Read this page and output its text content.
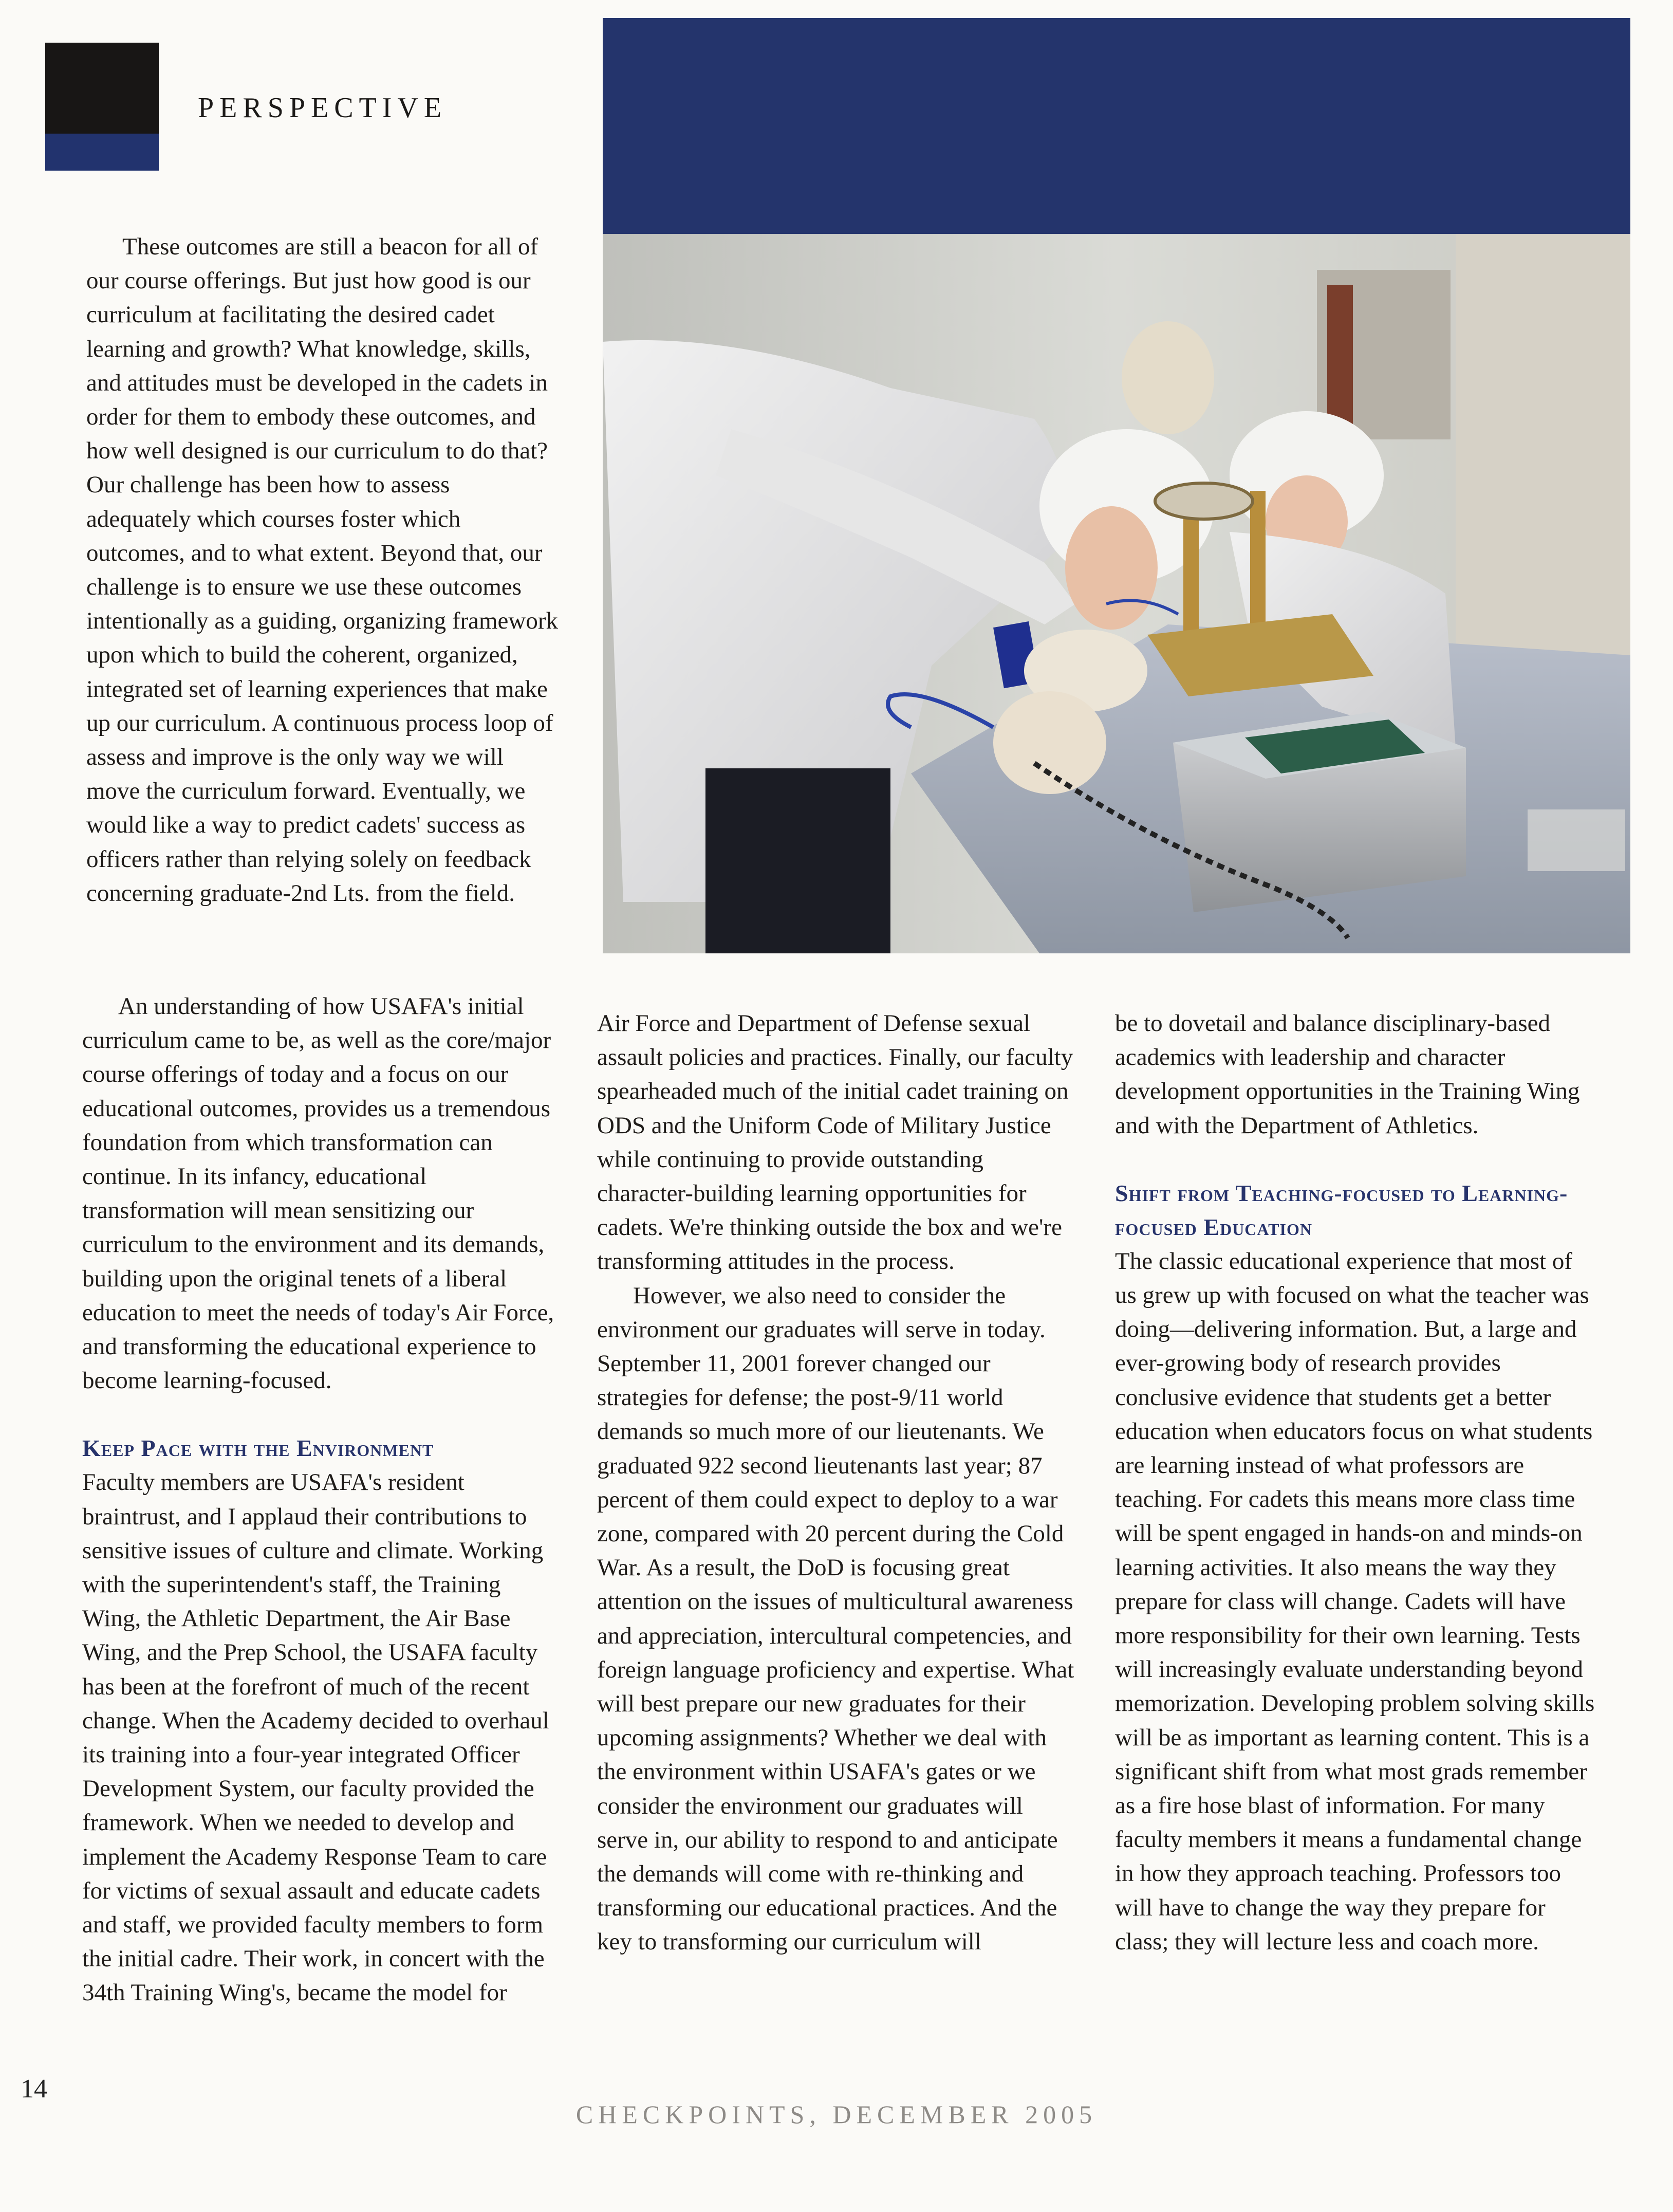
PERSPECTIVE

These outcomes are still a beacon for all of our course offerings. But just how good is our curriculum at facilitating the desired cadet learning and growth? What knowledge, skills, and attitudes must be developed in the cadets in order for them to embody these outcomes, and how well designed is our curriculum to do that? Our challenge has been how to assess adequately which courses foster which outcomes, and to what extent. Beyond that, our challenge is to ensure we use these outcomes intentionally as a guiding, organizing framework upon which to build the coherent, organized, integrated set of learning experiences that make up our curriculum. A continuous process loop of assess and improve is the only way we will move the curriculum forward. Eventually, we would like a way to predict cadets' success as officers rather than relying solely on feedback concerning graduate-2nd Lts. from the field.

An understanding of how USAFA's initial curriculum came to be, as well as the core/major course offerings of today and a focus on our educational outcomes, provides us a tremendous foundation from which transformation can continue. In its infancy, educational transformation will mean sensitizing our curriculum to the environment and its demands, building upon the original tenets of a liberal education to meet the needs of today's Air Force, and transforming the educational experience to become learning-focused.

Keep Pace with the Environment

Faculty members are USAFA's resident braintrust, and I applaud their contributions to sensitive issues of culture and climate. Working with the superintendent's staff, the Training Wing, the Athletic Department, the Air Base Wing, and the Prep School, the USAFA faculty has been at the forefront of much of the recent change. When the Academy decided to overhaul its training into a four-year integrated Officer Development System, our faculty provided the framework. When we needed to develop and implement the Academy Response Team to care for victims of sexual assault and educate cadets and staff, we provided faculty members to form the initial cadre. Their work, in concert with the 34th Training Wing's, became the model for

Air Force and Department of Defense sexual assault policies and practices. Finally, our faculty spearheaded much of the initial cadet training on ODS and the Uniform Code of Military Justice while continuing to provide outstanding character-building learning opportunities for cadets. We're thinking outside the box and we're transforming attitudes in the process.

However, we also need to consider the environment our graduates will serve in today. September 11, 2001 forever changed our strategies for defense; the post-9/11 world demands so much more of our lieutenants. We graduated 922 second lieutenants last year; 87 percent of them could expect to deploy to a war zone, compared with 20 percent during the Cold War. As a result, the DoD is focusing great attention on the issues of multicultural awareness and appreciation, intercultural competencies, and foreign language proficiency and expertise. What will best prepare our new graduates for their upcoming assignments? Whether we deal with the environment within USAFA's gates or we consider the environment our graduates will serve in, our ability to respond to and anticipate the demands will come with re-thinking and transforming our educational practices. And the key to transforming our curriculum will

be to dovetail and balance disciplinary-based academics with leadership and character development opportunities in the Training Wing and with the Department of Athletics.

Shift from Teaching-focused to Learning-focused Education

The classic educational experience that most of us grew up with focused on what the teacher was doing—delivering information. But, a large and ever-growing body of research provides conclusive evidence that students get a better education when educators focus on what students are learning instead of what professors are teaching. For cadets this means more class time will be spent engaged in hands-on and minds-on learning activities. It also means the way they prepare for class will change. Cadets will have more responsibility for their own learning. Tests will increasingly evaluate understanding beyond memorization. Developing problem solving skills will be as important as learning content. This is a significant shift from what most grads remember as a fire hose blast of information. For many faculty members it means a fundamental change in how they approach teaching. Professors too will have to change the way they prepare for class; they will lecture less and coach more.

14
CHECKPOINTS, DECEMBER 2005
